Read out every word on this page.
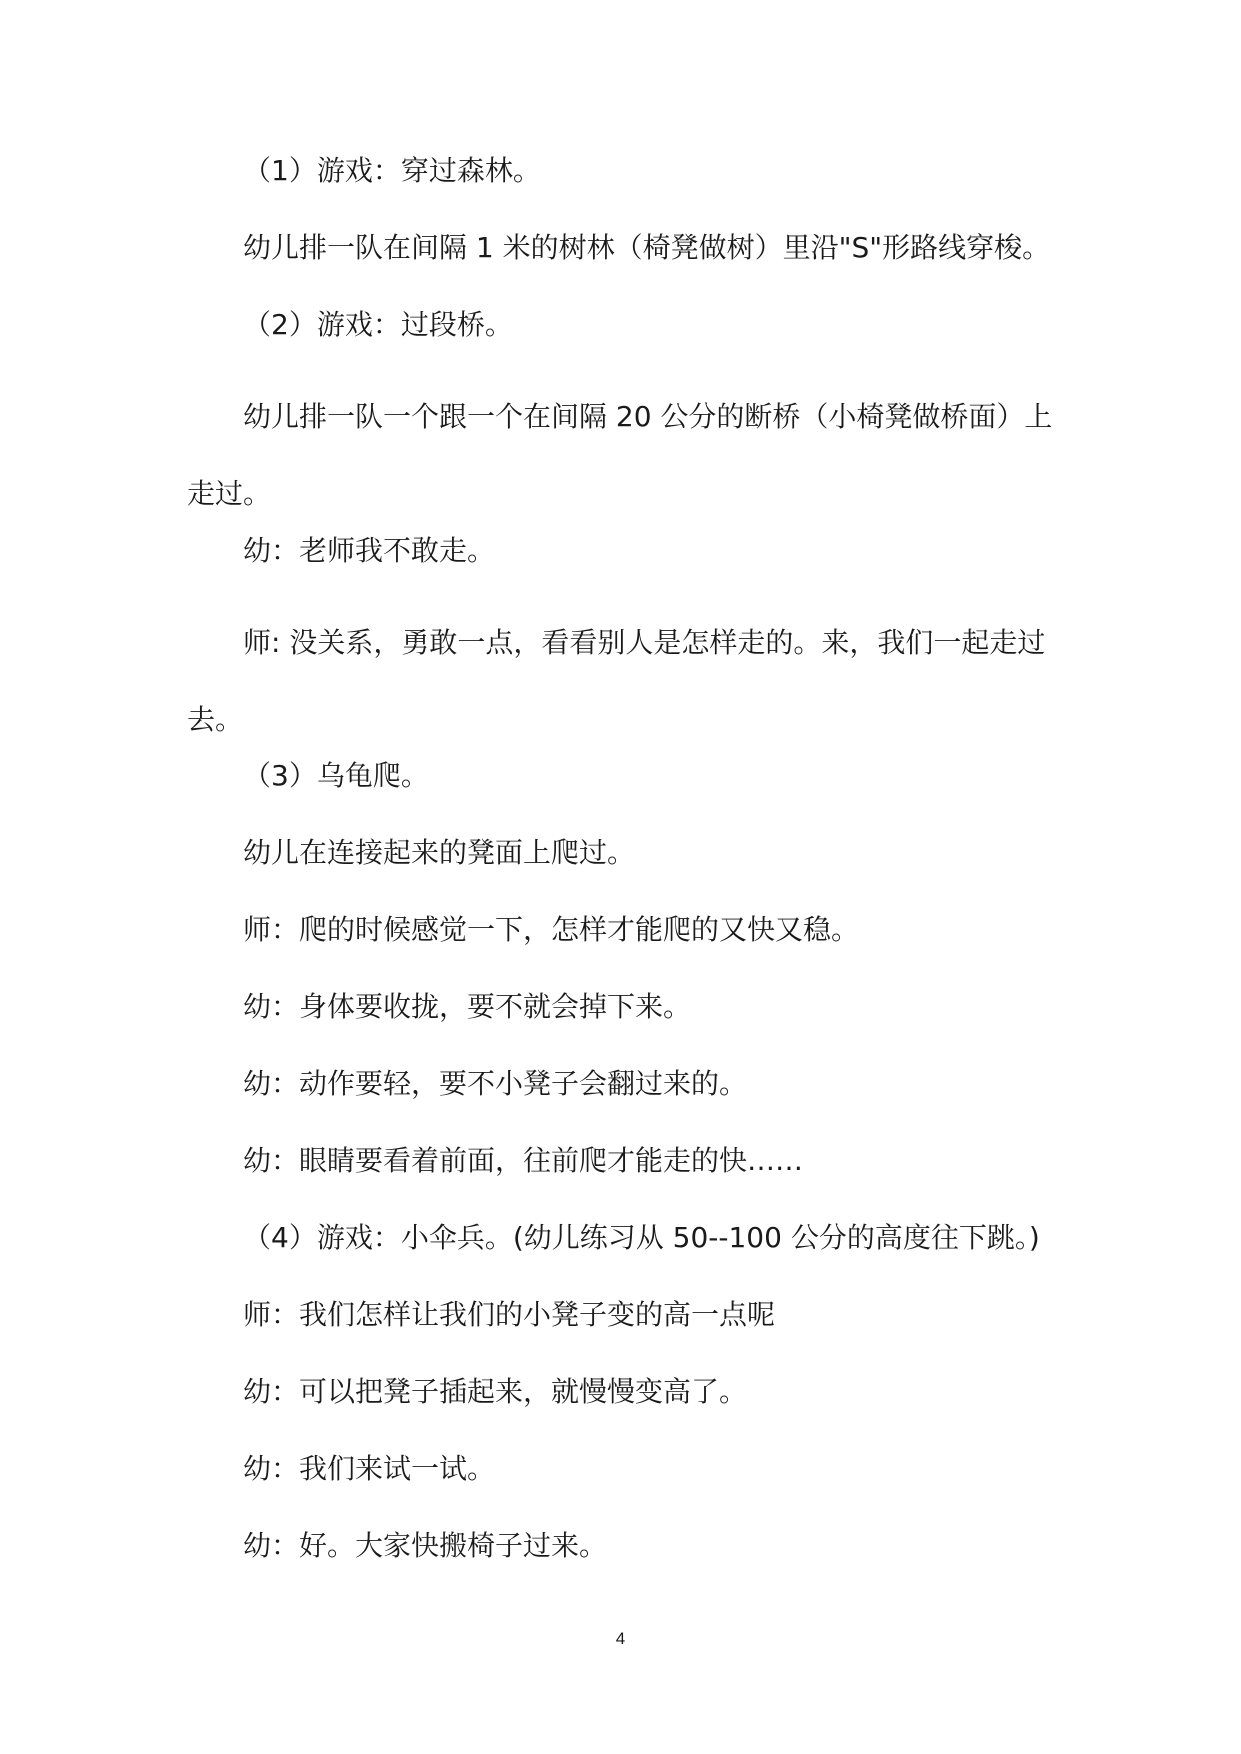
（1）游戏：穿过森林。

幼儿排一队在间隔 1 米的树林（椅凳做树）里沿"S"形路线穿梭。

（2）游戏：过段桥。

幼儿排一队一个跟一个在间隔 20 公分的断桥（小椅凳做桥面）上走过。

幼：老师我不敢走。

师: 没关系，勇敢一点，看看别人是怎样走的。来，我们一起走过去。

（3）乌龟爬。

幼儿在连接起来的凳面上爬过。

师：爬的时候感觉一下，怎样才能爬的又快又稳。

幼：身体要收拢，要不就会掉下来。

幼：动作要轻，要不小凳子会翻过来的。

幼：眼睛要看着前面，往前爬才能走的快……

（4）游戏：小伞兵。(幼儿练习从 50--100 公分的高度往下跳。)

师：我们怎样让我们的小凳子变的高一点呢

幼：可以把凳子插起来，就慢慢变高了。

幼：我们来试一试。

幼：好。大家快搬椅子过来。

4
